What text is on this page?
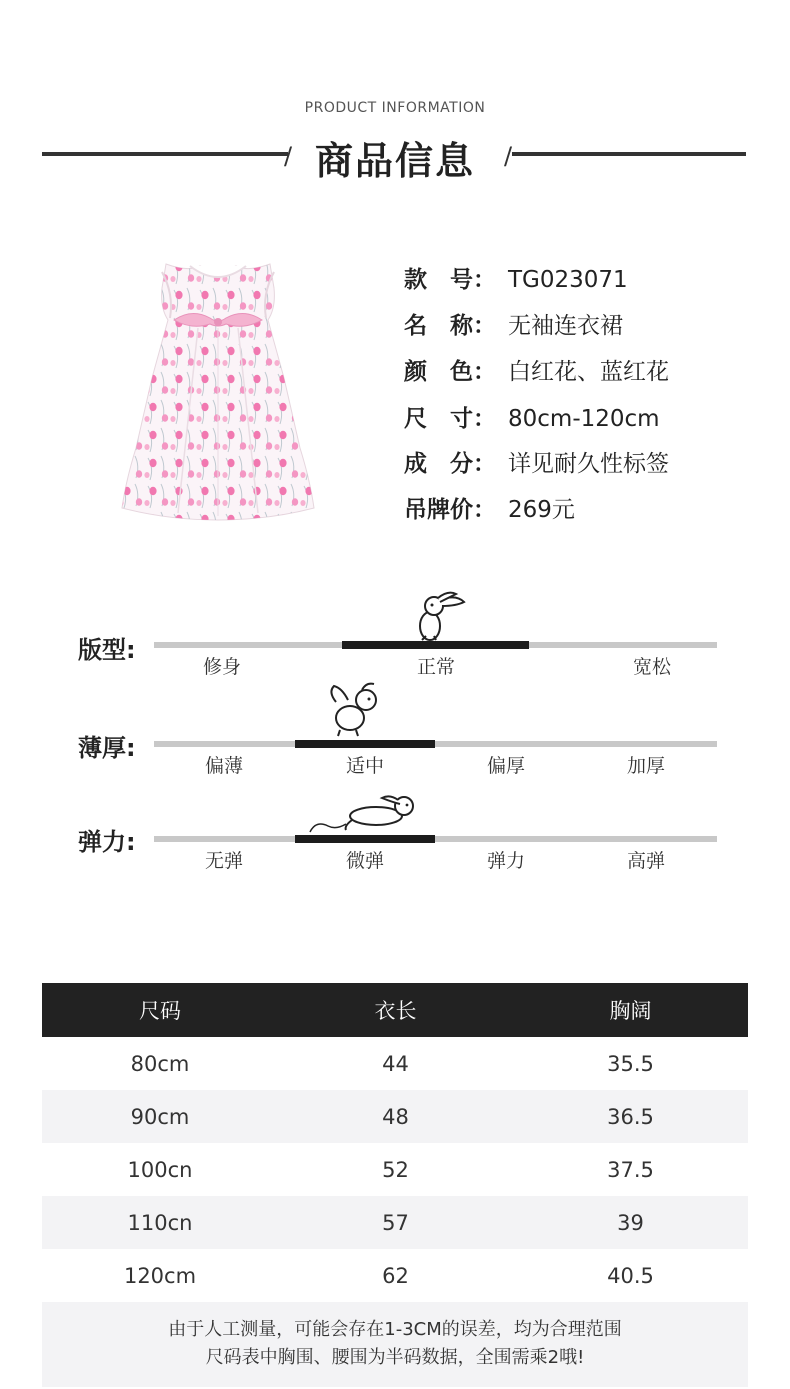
PRODUCT INFORMATION
/ 商品信息	/
款　号： TG023071
名　称： 无袖连衣裙
颜　色： 白红花、蓝红花
尺　寸： 80cm-120cm
成　分： 详见耐久性标签
吊牌价： 269元
版型:
修身	正常	宽松
薄厚:
偏薄	适中	偏厚	加厚
弹力:
无弹	微弹	弹力	高弹
尺码	衣长	胸阔
80cm	44	35.5
90cm	48	36.5
100cn	52	37.5
110cn	57	39
120cm	62	40.5
由于人工测量，可能会存在1-3CM的误差，均为合理范围
尺码表中胸围、腰围为半码数据，全围需乘2哦!
